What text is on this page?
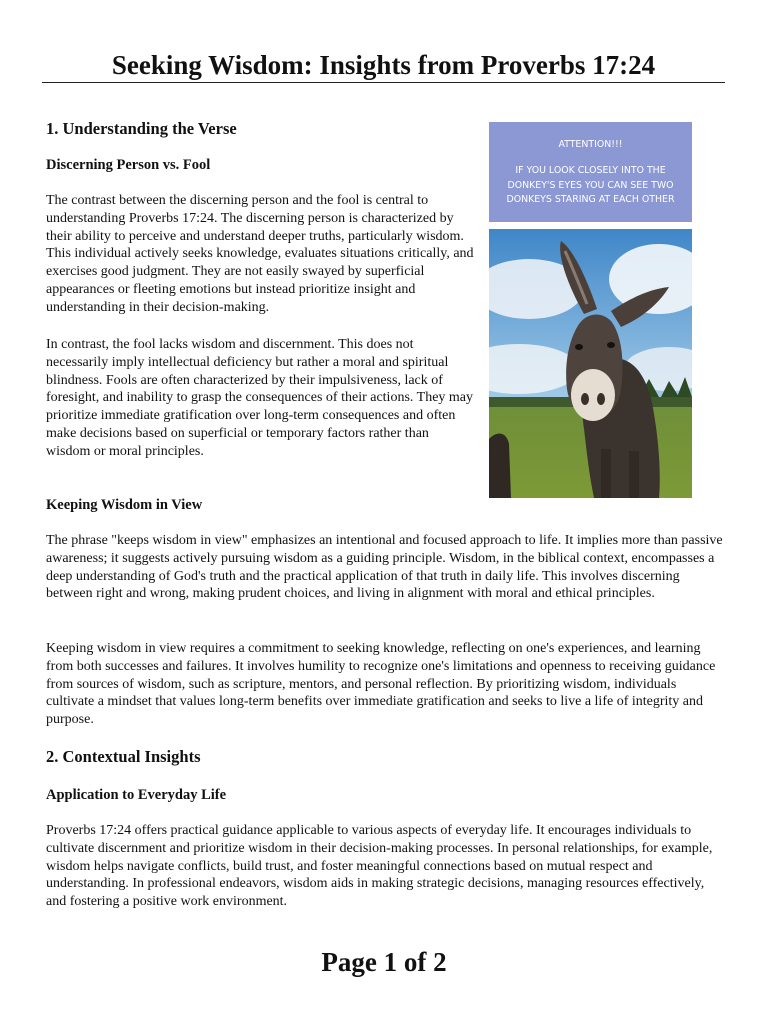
Seeking Wisdom: Insights from Proverbs 17:24
1. Understanding the Verse
Discerning Person vs. Fool

The contrast between the discerning person and the fool is central to understanding Proverbs 17:24. The discerning person is characterized by their ability to perceive and understand deeper truths, particularly wisdom. This individual actively seeks knowledge, evaluates situations critically, and exercises good judgment. They are not easily swayed by superficial appearances or fleeting emotions but instead prioritize insight and understanding in their decision-making.

In contrast, the fool lacks wisdom and discernment. This does not necessarily imply intellectual deficiency but rather a moral and spiritual blindness. Fools are often characterized by their impulsiveness, lack of foresight, and inability to grasp the consequences of their actions. They may prioritize immediate gratification over long-term consequences and often make decisions based on superficial or temporary factors rather than wisdom or moral principles.

Keeping Wisdom in View

The phrase "keeps wisdom in view" emphasizes an intentional and focused approach to life. It implies more than passive awareness; it suggests actively pursuing wisdom as a guiding principle. Wisdom, in the biblical context, encompasses a deep understanding of God's truth and the practical application of that truth in daily life. This involves discerning between right and wrong, making prudent choices, and living in alignment with moral and ethical principles.

Keeping wisdom in view requires a commitment to seeking knowledge, reflecting on one's experiences, and learning from both successes and failures. It involves humility to recognize one's limitations and openness to receiving guidance from sources of wisdom, such as scripture, mentors, and personal reflection. By prioritizing wisdom, individuals cultivate a mindset that values long-term benefits over immediate gratification and seeks to live a life of integrity and purpose.

2. Contextual Insights
Application to Everyday Life

Proverbs 17:24 offers practical guidance applicable to various aspects of everyday life. It encourages individuals to cultivate discernment and prioritize wisdom in their decision-making processes. In personal relationships, for example, wisdom helps navigate conflicts, build trust, and foster meaningful connections based on mutual respect and understanding. In professional endeavors, wisdom aids in making strategic decisions, managing resources effectively, and fostering a positive work environment.

ATTENTION!!!
IF YOU LOOK CLOSELY INTO THE DONKEY'S EYES YOU CAN SEE TWO DONKEYS STARING AT EACH OTHER
Page 1 of 2
